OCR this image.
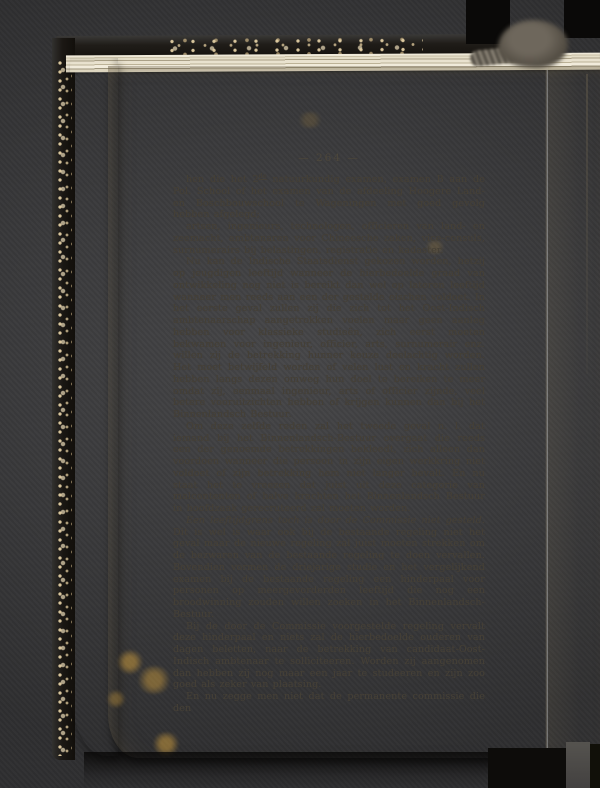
— 264 —

hen die het 2de natuurkundig examen, examen B aan de Pol. School of het examen van de afdeeling Hoogere Land- en Boschbouwschool te Wageningen met goed gevolg hebben afgelegd;

artsen, ingenieurs, technologen, officieren van land- en zeemacht, ambtenaren voor Chineesche zaken, vice-consuls, surnumerairs bij belastingen, registratie en kadaster.

Nu kan de Indische Staatsdienst gekozen worden, hetzij op jeugdigen leeftijd wanneer de hierbedoelde graad van ontwikkeling nog niet is bereikt dan wel op lateren leeftijd wanneer men reeds aan een der gestelde eischen voldoet. In het eerste geval zullen zij die zich tot het Oost-Indisch ambtenaarschap aangetrokken voelen maar geen aanleg hebben voor klassieke studieën, zich eerst moeten bekwamen voor ingenieur, officier, arts, surnumerair enz. willen zij de betrekking hunner keuze deelachtig worden. Het moet betwijfeld worden of velen lust en kracht zullen hebben langs dezen omweg hun doel te bereiken te meer omdat zij, eenmaal ingenieur, arts of officier zijnde, veel betere vooruitzichten hebben of krijgen kunnen dan bij het Binnenlandsch Bestuur.

Om deze zelfde reden zal het tweede geval n. l. dat iemand bij het Binnenlandsch-Bestuur overgaat die reeds een der genoemde betrekkingen bekleedt, zich alleen dan voordoen wanneer die persoon in zijn eigen werkkring niet voldoet of zijn betrekking hem niet langer bevalt. En nu staat het te vreezen dat juist uit deze categorie van malcontenten of halve krachten het Binnenlandsch Bestuur in hoofdzaak gerecruteerd zal moeten worden.

Een leeftijdgrens toch is door de Commissie niet gesteld. Dit is wel is waar ook bij de bestaande regeling niet het geval maar de nieuwe regeling zal juist moeten strekken om de bezwaren van de bestaande regeling te doen vervallen. Bovendien vormen de driejarige studie en het vergelijkend examen bij de bestaande regeling een hinderpaal voor personen op meergevorderden leeftijd die nog een broodwinning zouden willen zoeken in het Binnenlandsch-Bestuur.

Bij de door de Commissie voorgestelde regeling vervalt deze hinderpaal en niets zal de hierbedoelde ouderen van dagen beletten, naar de betrekking van candidaat-Oost-Indisch ambtenaar te solliciteeren. Worden zij aangenomen dan hebben zij nog maar een jaar te studeeren en zijn zoo goed als zeker van plaatsing.

En nu zegge men niet dat de permanente commissie die den
